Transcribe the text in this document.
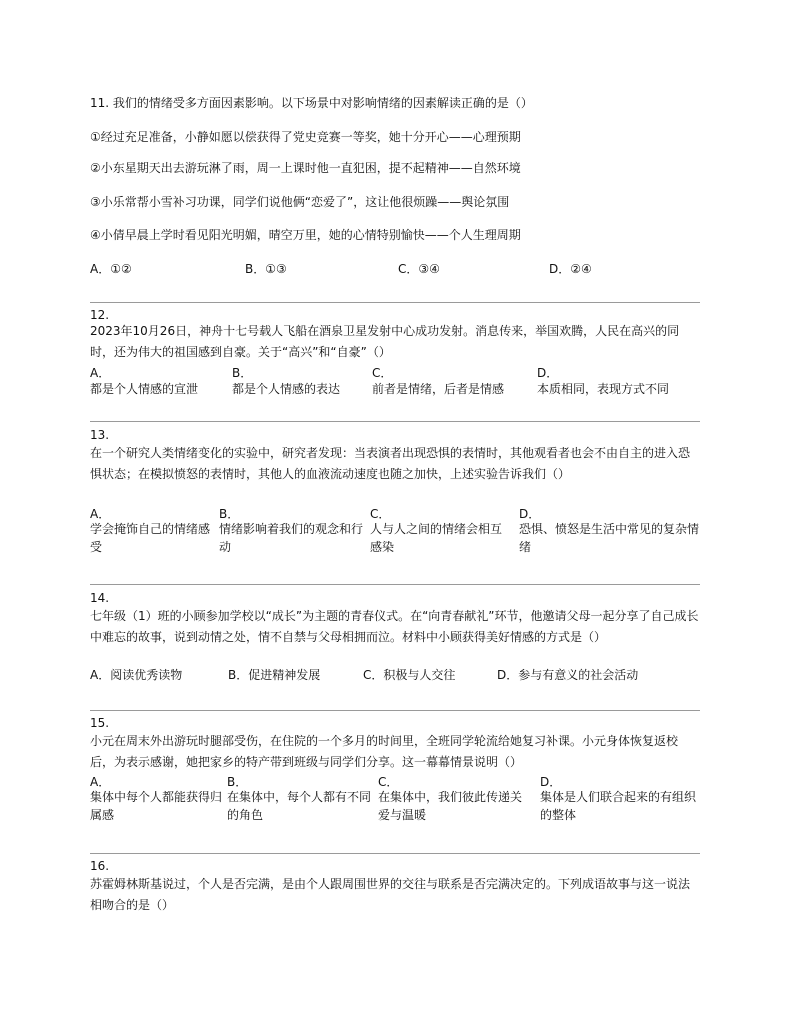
11. 我们的情绪受多方面因素影响。以下场景中对影响情绪的因素解读正确的是（）
①经过充足准备，小静如愿以偿获得了党史竞赛一等奖，她十分开心——心理预期
②小东星期天出去游玩淋了雨，周一上课时他一直犯困，提不起精神——自然环境
③小乐常帮小雪补习功课，同学们说他俩“恋爱了”，这让他很烦躁——舆论氛围
④小倩早晨上学时看见阳光明媚，晴空万里，她的心情特别愉快——个人生理周期
A．①②	B．①③	C．③④	D．②④
12.
2023年10月26日，神舟十七号载人飞船在酒泉卫星发射中心成功发射。消息传来，举国欢腾，人民在高兴的同时，还为伟大的祖国感到自豪。关于“高兴”和“自豪”（）
A．
都是个人情感的宣泄
B．
都是个人情感的表达
C．
前者是情绪，后者是情感
D．
本质相同，表现方式不同
13.
在一个研究人类情绪变化的实验中，研究者发现：当表演者出现恐惧的表情时，其他观看者也会不由自主的进入恐惧状态；在模拟愤怒的表情时，其他人的血液流动速度也随之加快，上述实验告诉我们（）
A．
学会掩饰自己的情绪感受
B．
情绪影响着我们的观念和行动
C．
人与人之间的情绪会相互感染
D．
恐惧、愤怒是生活中常见的复杂情绪
14.
七年级（1）班的小顾参加学校以“成长”为主题的青春仪式。在“向青春献礼”环节，他邀请父母一起分享了自己成长中难忘的故事，说到动情之处，情不自禁与父母相拥而泣。材料中小顾获得美好情感的方式是（）
A．阅读优秀读物	B．促进精神发展	C．积极与人交往	D．参与有意义的社会活动
15.
小元在周末外出游玩时腿部受伤，在住院的一个多月的时间里，全班同学轮流给她复习补课。小元身体恢复返校后，为表示感谢，她把家乡的特产带到班级与同学们分享。这一幕幕情景说明（）
A．
集体中每个人都能获得归属感
B．
在集体中，每个人都有不同的角色
C．
在集体中，我们彼此传递关爱与温暖
D．
集体是人们联合起来的有组织的整体
16.
苏霍姆林斯基说过，个人是否完满，是由个人跟周围世界的交往与联系是否完满决定的。下列成语故事与这一说法相吻合的是（）
